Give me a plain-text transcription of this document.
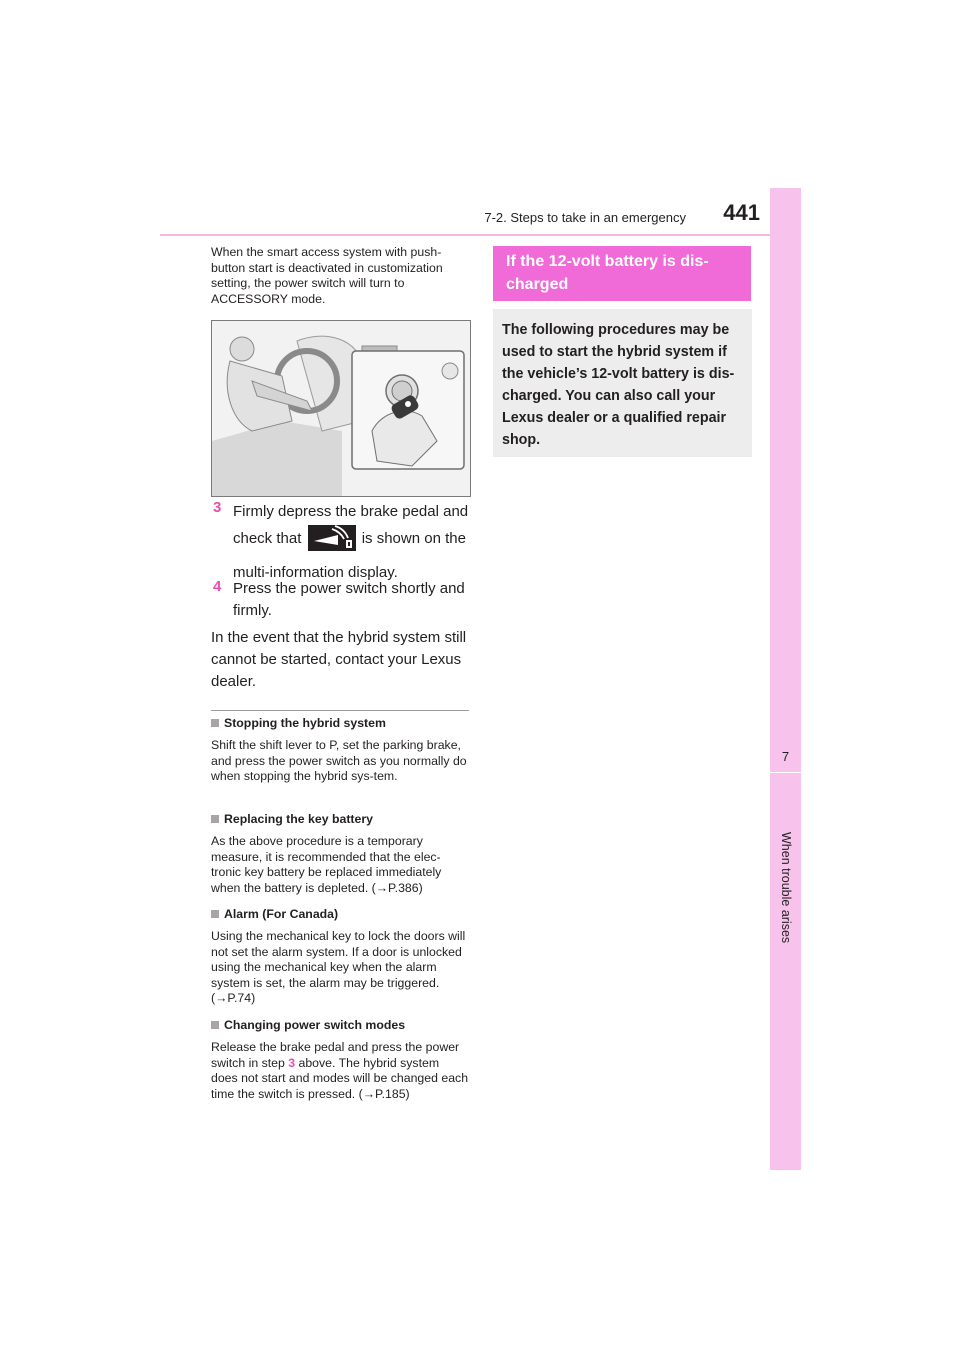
7-2. Steps to take in an emergency	441
7
When trouble arises
When the smart access system with push-button start is deactivated in customization setting, the power switch will turn to ACCESSORY mode.
3 Firmly depress the brake pedal and check that	is shown on the multi-information display.
4 Press the power switch shortly and firmly.
In the event that the hybrid system still cannot be started, contact your Lexus dealer.
Stopping the hybrid system
Shift the shift lever to P, set the parking brake, and press the power switch as you normally do when stopping the hybrid sys-tem.
Replacing the key battery
As the above procedure is a temporary measure, it is recommended that the elec-tronic key battery be replaced immediately when the battery is depleted. (→P.386)
Alarm (For Canada)
Using the mechanical key to lock the doors will not set the alarm system. If a door is unlocked using the mechanical key when the alarm system is set, the alarm may be triggered. (→P.74)
Changing power switch modes
Release the brake pedal and press the power switch in step 3 above. The hybrid system does not start and modes will be changed each time the switch is pressed. (→P.185)
If the 12-volt battery is dis-charged
The following procedures may be used to start the hybrid system if the vehicle’s 12-volt battery is dis-charged. You can also call your Lexus dealer or a qualified repair shop.
